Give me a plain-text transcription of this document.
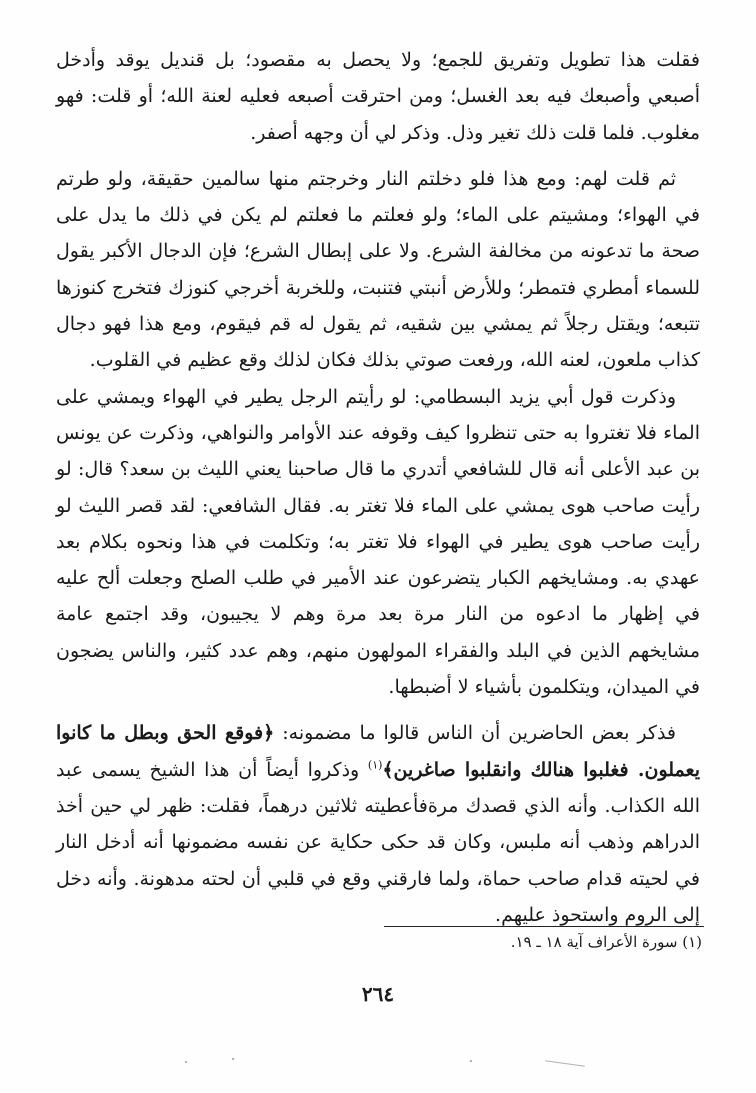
فقلت هذا تطويل وتفريق للجمع؛ ولا يحصل به مقصود؛ بل قنديل يوقد وأدخل أصبعي وأصبعك فيه بعد الغسل؛ ومن احترقت أصبعه فعليه لعنة الله؛ أو قلت: فهو مغلوب. فلما قلت ذلك تغير وذل. وذكر لي أن وجهه أصفر.

ثم قلت لهم: ومع هذا فلو دخلتم النار وخرجتم منها سالمين حقيقة، ولو طرتم في الهواء؛ ومشيتم على الماء؛ ولو فعلتم ما فعلتم لم يكن في ذلك ما يدل على صحة ما تدعونه من مخالفة الشرع. ولا على إبطال الشرع؛ فإن الدجال الأكبر يقول للسماء أمطري فتمطر؛ وللأرض أنبتي فتنبت، وللخربة أخرجي كنوزك فتخرج كنوزها تتبعه؛ ويقتل رجلاً ثم يمشي بين شقيه، ثم يقول له قم فيقوم، ومع هذا فهو دجال كذاب ملعون، لعنه الله، ورفعت صوتي بذلك فكان لذلك وقع عظيم في القلوب.

وذكرت قول أبي يزيد البسطامي: لو رأيتم الرجل يطير في الهواء ويمشي على الماء فلا تغتروا به حتى تنظروا كيف وقوفه عند الأوامر والنواهي، وذكرت عن يونس بن عبد الأعلى أنه قال للشافعي أتدري ما قال صاحبنا يعني الليث بن سعد؟ قال: لو رأيت صاحب هوى يمشي على الماء فلا تغتر به. فقال الشافعي: لقد قصر الليث لو رأيت صاحب هوى يطير في الهواء فلا تغتر به؛ وتكلمت في هذا ونحوه بكلام بعد عهدي به. ومشايخهم الكبار يتضرعون عند الأمير في طلب الصلح وجعلت ألح عليه في إظهار ما ادعوه من النار مرة بعد مرة وهم لا يجيبون، وقد اجتمع عامة مشايخهم الذين في البلد والفقراء المولهون منهم، وهم عدد كثير، والناس يضجون في الميدان، ويتكلمون بأشياء لا أضبطها.

فذكر بعض الحاضرين أن الناس قالوا ما مضمونه: ﴿فوقع الحق وبطل ما كانوا يعملون. فغلبوا هنالك وانقلبوا صاغرين﴾$^{(١)}$ وذكروا أيضاً أن هذا الشيخ يسمى عبد الله الكذاب. وأنه الذي قصدك مرةفأعطيته ثلاثين درهماً، فقلت: ظهر لي حين أخذ الدراهم وذهب أنه ملبس، وكان قد حكى حكاية عن نفسه مضمونها أنه أدخل النار في لحيته قدام صاحب حماة، ولما فارقني وقع في قلبي أن لحته مدهونة. وأنه دخل إلى الروم واستحوذ عليهم.

(١) سورة الأعراف آية ١٨ ـ ١٩.
٢٦٤
